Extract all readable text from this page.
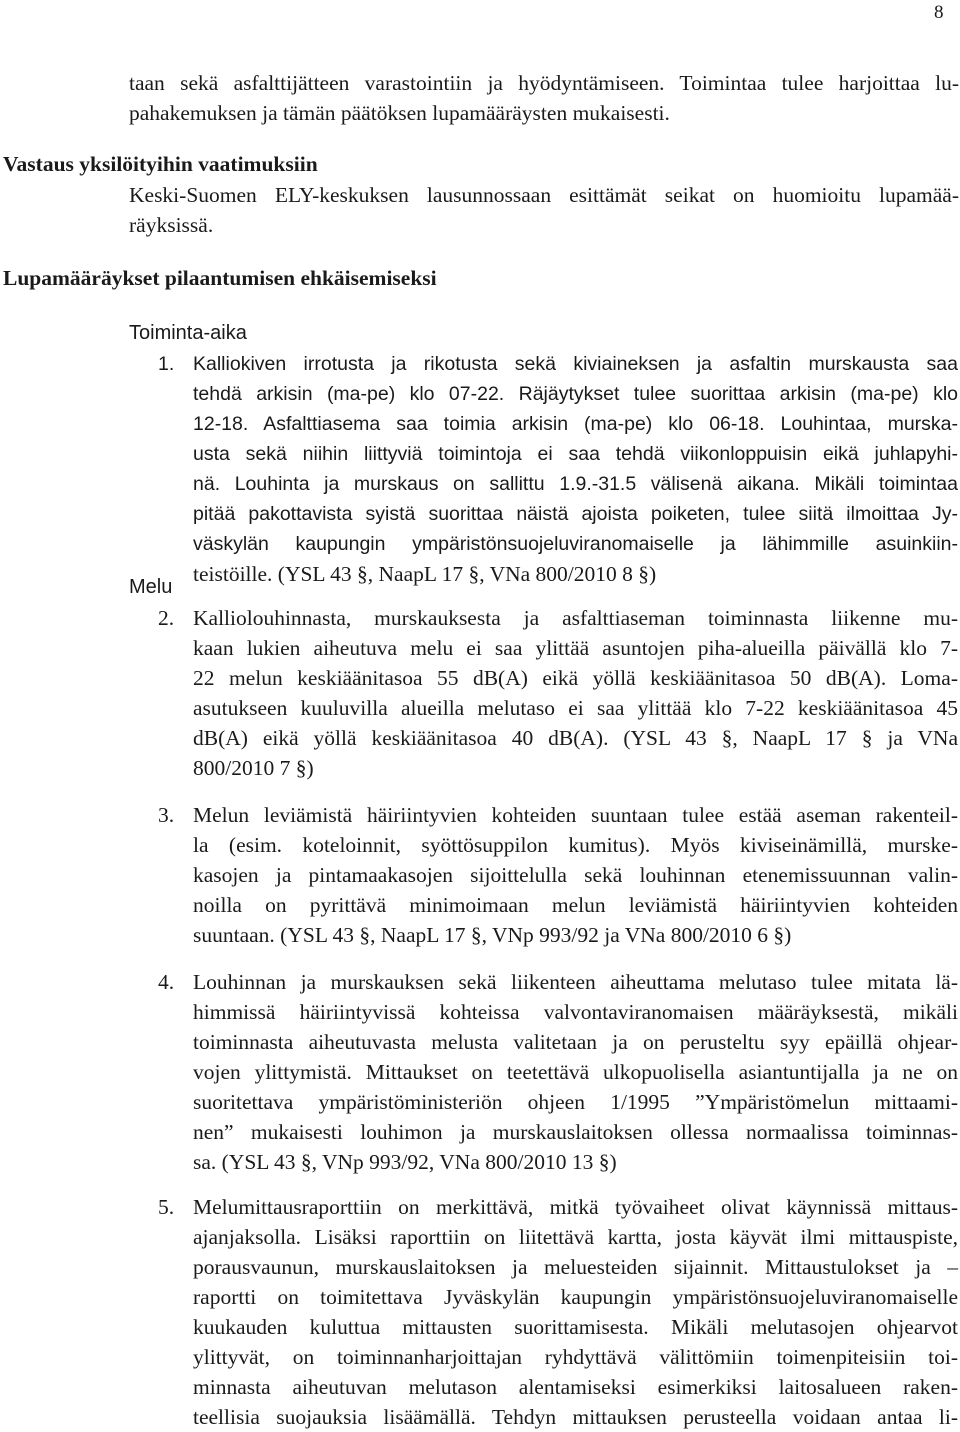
8
taan sekä asfalttijätteen varastointiin ja hyödyntämiseen. Toimintaa tulee harjoittaa lu-
pahakemuksen ja tämän päätöksen lupamääräysten mukaisesti.
Vastaus yksilöityihin vaatimuksiin
Keski-Suomen ELY-keskuksen lausunnossaan esittämät seikat on huomioitu lupamää-
räyksissä.
Lupamääräykset pilaantumisen ehkäisemiseksi
Toiminta-aika
1. Kalliokiven irrotusta ja rikotusta sekä kiviaineksen ja asfaltin murskausta saa
tehdä arkisin (ma-pe) klo 07-22. Räjäytykset tulee suorittaa arkisin (ma-pe) klo
12-18. Asfalttiasema saa toimia arkisin (ma-pe) klo 06-18. Louhintaa, murska-
usta sekä niihin liittyviä toimintoja ei saa tehdä viikonloppuisin eikä juhlapyhi-
nä. Louhinta ja murskaus on sallittu 1.9.-31.5 välisenä aikana. Mikäli toimintaa
pitää pakottavista syistä suorittaa näistä ajoista poiketen, tulee siitä ilmoittaa Jy-
väskylän kaupungin ympäristönsuojeluviranomaiselle ja lähimmille asuinkiin-
teistöille. (YSL 43 §, NaapL 17 §, VNa 800/2010 8 §)
Melu
2. Kalliolouhinnasta, murskauksesta ja asfalttiaseman toiminnasta liikenne mu-
kaan lukien aiheutuva melu ei saa ylittää asuntojen piha-alueilla päivällä klo 7-
22 melun keskiäänitasoa 55 dB(A) eikä yöllä keskiäänitasoa 50 dB(A). Loma-
asutukseen kuuluvilla alueilla melutaso ei saa ylittää klo 7-22 keskiäänitasoa 45
dB(A) eikä yöllä keskiäänitasoa 40 dB(A). (YSL 43 §, NaapL 17 § ja VNa
800/2010 7 §)
3. Melun leviämistä häiriintyvien kohteiden suuntaan tulee estää aseman rakenteil-
la (esim. koteloinnit, syöttösuppilon kumitus). Myös kiviseinämillä, murske-
kasojen ja pintamaakasojen sijoittelulla sekä louhinnan etenemissuunnan valin-
noilla on pyrittävä minimoimaan melun leviämistä häiriintyvien kohteiden
suuntaan. (YSL 43 §, NaapL 17 §, VNp 993/92 ja VNa 800/2010 6 §)
4. Louhinnan ja murskauksen sekä liikenteen aiheuttama melutaso tulee mitata lä-
himmissä häiriintyvissä kohteissa valvontaviranomaisen määräyksestä, mikäli
toiminnasta aiheutuvasta melusta valitetaan ja on perusteltu syy epäillä ohjear-
vojen ylittymistä. Mittaukset on teetettävä ulkopuolisella asiantuntijalla ja ne on
suoritettava ympäristöministeriön ohjeen 1/1995 ”Ympäristömelun mittaami-
nen” mukaisesti louhimon ja murskauslaitoksen ollessa normaalissa toiminnas-
sa. (YSL 43 §, VNp 993/92, VNa 800/2010 13 §)
5. Melumittausraporttiin on merkittävä, mitkä työvaiheet olivat käynnissä mittaus-
ajanjaksolla. Lisäksi raporttiin on liitettävä kartta, josta käyvät ilmi mittauspiste,
porausvaunun, murskauslaitoksen ja meluesteiden sijainnit. Mittaustulokset ja –
raportti on toimitettava Jyväskylän kaupungin ympäristönsuojeluviranomaiselle
kuukauden kuluttua mittausten suorittamisesta. Mikäli melutasojen ohjearvot
ylittyvät, on toiminnanharjoittajan ryhdyttävä välittömiin toimenpiteisiin toi-
minnasta aiheutuvan melutason alentamiseksi esimerkiksi laitosalueen raken-
teellisia suojauksia lisäämällä. Tehdyn mittauksen perusteella voidaan antaa li-
